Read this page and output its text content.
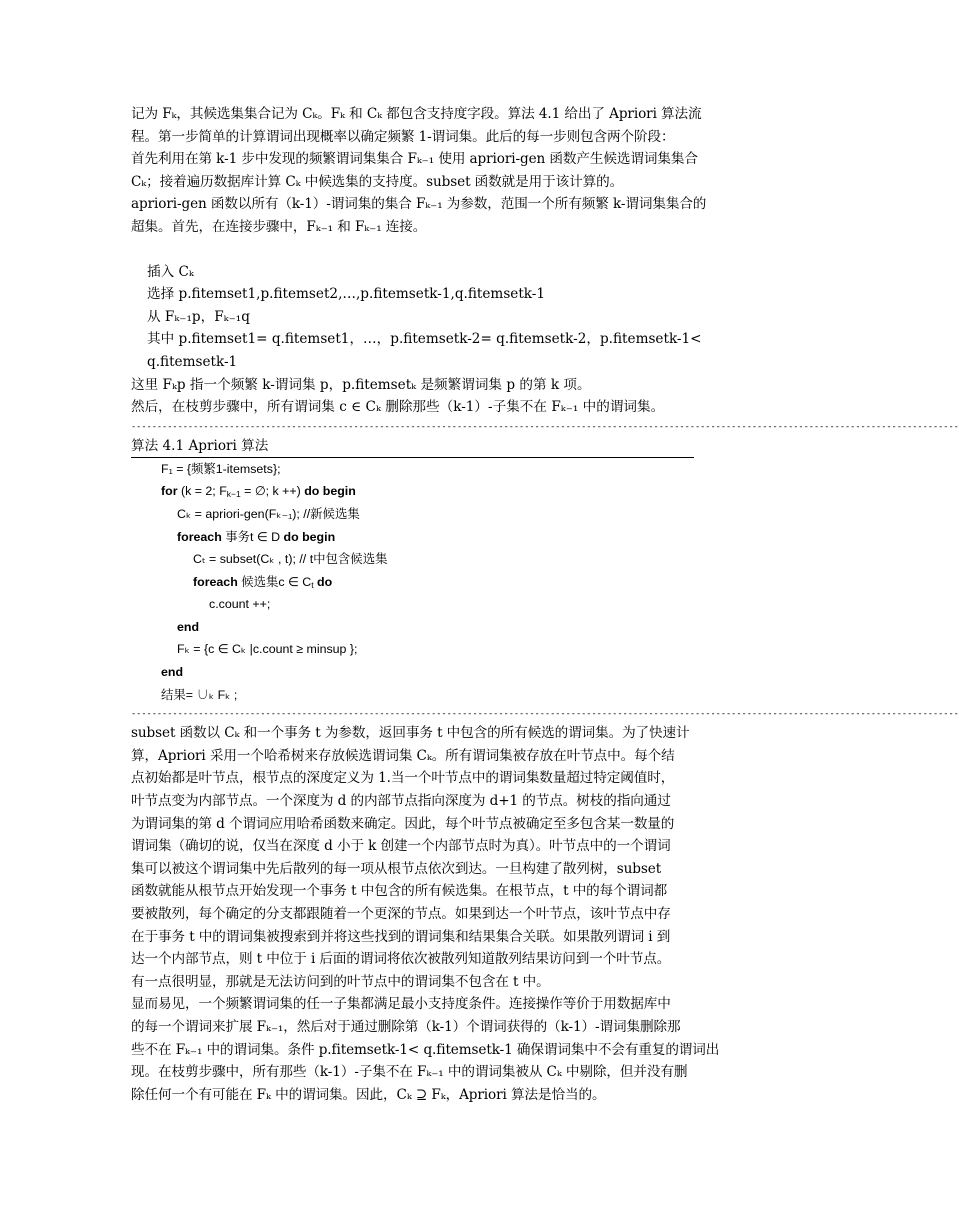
记为 Fₖ，其候选集集合记为 Cₖ。Fₖ 和 Cₖ 都包含支持度字段。算法 4.1 给出了 Apriori 算法流
程。第一步简单的计算谓词出现概率以确定频繁 1-谓词集。此后的每一步则包含两个阶段：
首先利用在第 k-1 步中发现的频繁谓词集集合 Fₖ₋₁ 使用 apriori-gen 函数产生候选谓词集集合
Cₖ；接着遍历数据库计算 Cₖ 中候选集的支持度。subset 函数就是用于该计算的。
apriori-gen 函数以所有（k-1）-谓词集的集合 Fₖ₋₁ 为参数，范围一个所有频繁 k-谓词集集合的
超集。首先，在连接步骤中，Fₖ₋₁ 和 Fₖ₋₁ 连接。
插入 Cₖ
选择 p.fitemset1,p.fitemset2,…,p.fitemsetk-1,q.fitemsetk-1
从 Fₖ₋₁p，Fₖ₋₁q
其中 p.fitemset1= q.fitemset1，…，p.fitemsetk-2= q.fitemsetk-2，p.fitemsetk-1< q.fitemsetk-1
这里 Fₖp 指一个频繁 k-谓词集 p，p.fitemsetₖ 是频繁谓词集 p 的第 k 项。
然后，在枝剪步骤中，所有谓词集 c ∈ Cₖ 删除那些（k-1）-子集不在 Fₖ₋₁ 中的谓词集。
----------------------------------------------------------------------------------------------------------------------------------------------------------------
算法 4.1 Apriori 算法
F₁ = {频繁1-itemsets};
for (k = 2; Fk−1 = ∅; k ++) do begin
Cₖ = apriori-gen(Fₖ₋₁); //新候选集
foreach 事务t ∈ D do begin
Cₜ = subset(Cₖ , t); // t中包含候选集
foreach 候选集c ∈ Ct do
c.count ++;
end
Fₖ = {c ∈ Cₖ |c.count ≥ minsup };
end
结果= ∪ₖ Fₖ ;
----------------------------------------------------------------------------------------------------------------------------------------------------------------
subset 函数以 Cₖ 和一个事务 t 为参数，返回事务 t 中包含的所有候选的谓词集。为了快速计
算，Apriori 采用一个哈希树来存放候选谓词集 Cₖ。所有谓词集被存放在叶节点中。每个结
点初始都是叶节点，根节点的深度定义为 1.当一个叶节点中的谓词集数量超过特定阈值时，
叶节点变为内部节点。一个深度为 d 的内部节点指向深度为 d+1 的节点。树枝的指向通过
为谓词集的第 d 个谓词应用哈希函数来确定。因此，每个叶节点被确定至多包含某一数量的
谓词集（确切的说，仅当在深度 d 小于 k 创建一个内部节点时为真）。叶节点中的一个谓词
集可以被这个谓词集中先后散列的每一项从根节点依次到达。一旦构建了散列树，subset
函数就能从根节点开始发现一个事务 t 中包含的所有候选集。在根节点，t 中的每个谓词都
要被散列，每个确定的分支都跟随着一个更深的节点。如果到达一个叶节点，该叶节点中存
在于事务 t 中的谓词集被搜索到并将这些找到的谓词集和结果集合关联。如果散列谓词 i 到
达一个内部节点，则 t 中位于 i 后面的谓词将依次被散列知道散列结果访问到一个叶节点。
有一点很明显，那就是无法访问到的叶节点中的谓词集不包含在 t 中。
显而易见，一个频繁谓词集的任一子集都满足最小支持度条件。连接操作等价于用数据库中
的每一个谓词来扩展 Fₖ₋₁，然后对于通过删除第（k-1）个谓词获得的（k-1）-谓词集删除那
些不在 Fₖ₋₁ 中的谓词集。条件 p.fitemsetk-1< q.fitemsetk-1 确保谓词集中不会有重复的谓词出
现。在枝剪步骤中，所有那些（k-1）-子集不在 Fₖ₋₁ 中的谓词集被从 Cₖ 中剔除，但并没有删
除任何一个有可能在 Fₖ 中的谓词集。因此，Cₖ ⊇ Fₖ，Apriori 算法是恰当的。
